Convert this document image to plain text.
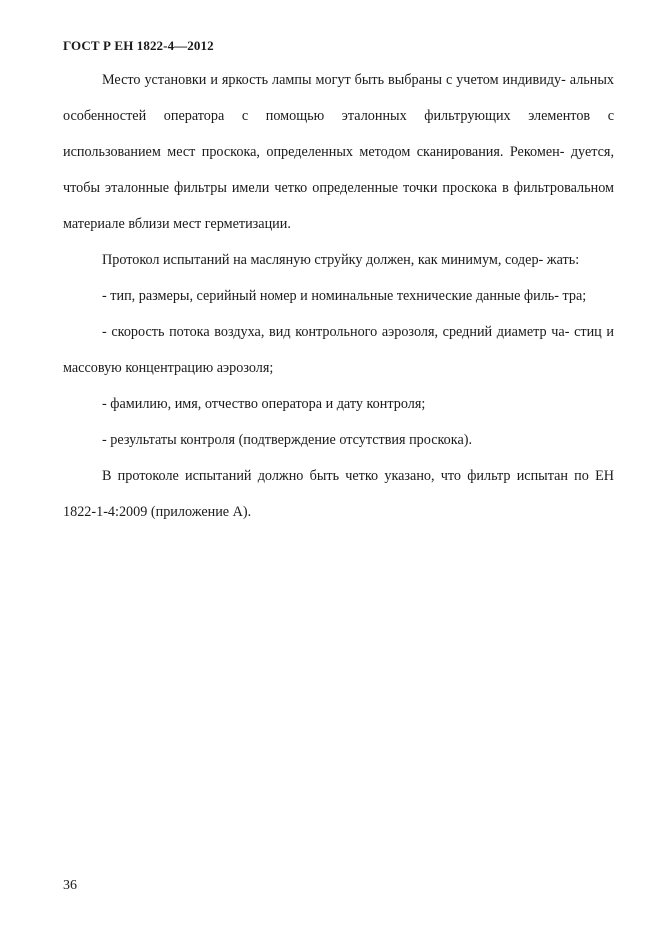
ГОСТ Р ЕН 1822-4—2012

Место установки и яркость лампы могут быть выбраны с учетом индивиду- альных особенностей оператора с помощью эталонных фильтрующих элементов с использованием мест проскока, определенных методом сканирования. Рекомен- дуется, чтобы эталонные фильтры имели четко определенные точки проскока в фильтровальном материале вблизи мест герметизации.

Протокол испытаний на масляную струйку должен, как минимум, содер- жать:

- тип, размеры, серийный номер и номинальные технические данные филь- тра;

- скорость потока воздуха, вид контрольного аэрозоля, средний диаметр ча- стиц и массовую концентрацию аэрозоля;

- фамилию, имя, отчество оператора и дату контроля;

- результаты контроля (подтверждение отсутствия проскока).

В протоколе испытаний должно быть четко указано, что фильтр испытан по ЕН 1822-1-4:2009 (приложение А).

36
